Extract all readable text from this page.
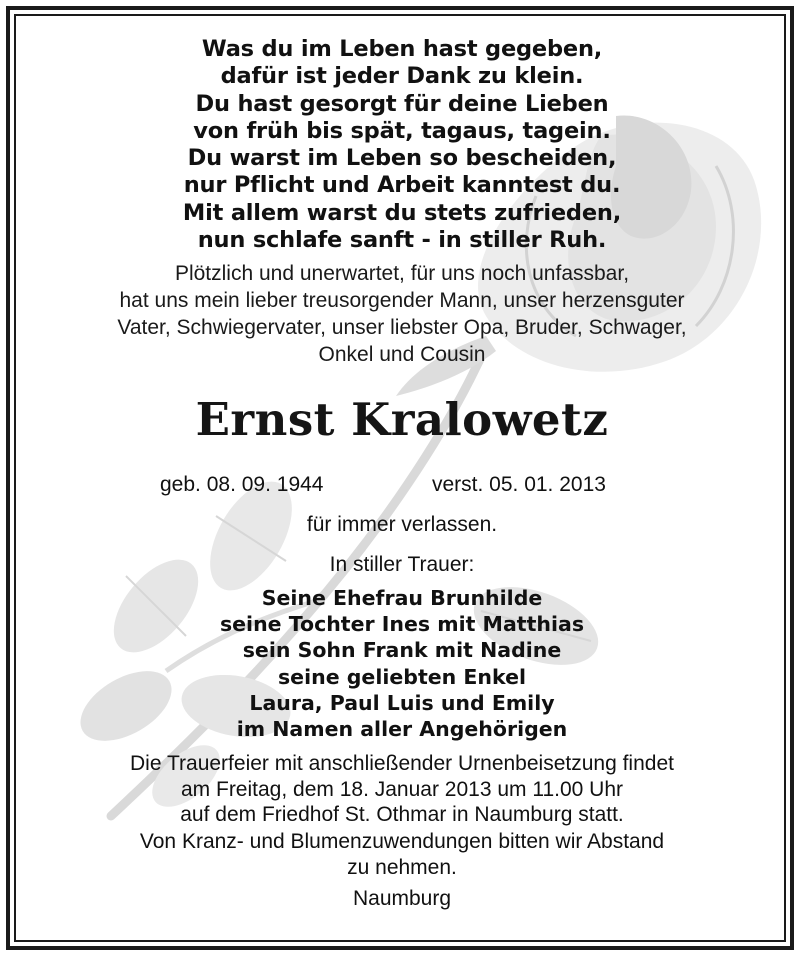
Was du im Leben hast gegeben,
dafür ist jeder Dank zu klein.
Du hast gesorgt für deine Lieben
von früh bis spät, tagaus, tagein.
Du warst im Leben so bescheiden,
nur Pflicht und Arbeit kanntest du.
Mit allem warst du stets zufrieden,
nun schlafe sanft - in stiller Ruh.
Plötzlich und unerwartet, für uns noch unfassbar,
hat uns mein lieber treusorgender Mann, unser herzensguter
Vater, Schwiegervater, unser liebster Opa, Bruder, Schwager,
Onkel und Cousin
Ernst Kralowetz
geb. 08. 09. 1944	verst. 05. 01. 2013
für immer verlassen.
In stiller Trauer:
Seine Ehefrau Brunhilde
seine Tochter Ines mit Matthias
sein Sohn Frank mit Nadine
seine geliebten Enkel
Laura, Paul Luis und Emily
im Namen aller Angehörigen
Die Trauerfeier mit anschließender Urnenbeisetzung findet
am Freitag, dem 18. Januar 2013 um 11.00 Uhr
auf dem Friedhof St. Othmar in Naumburg statt.
Von Kranz- und Blumenzuwendungen bitten wir Abstand
zu nehmen.
Naumburg
